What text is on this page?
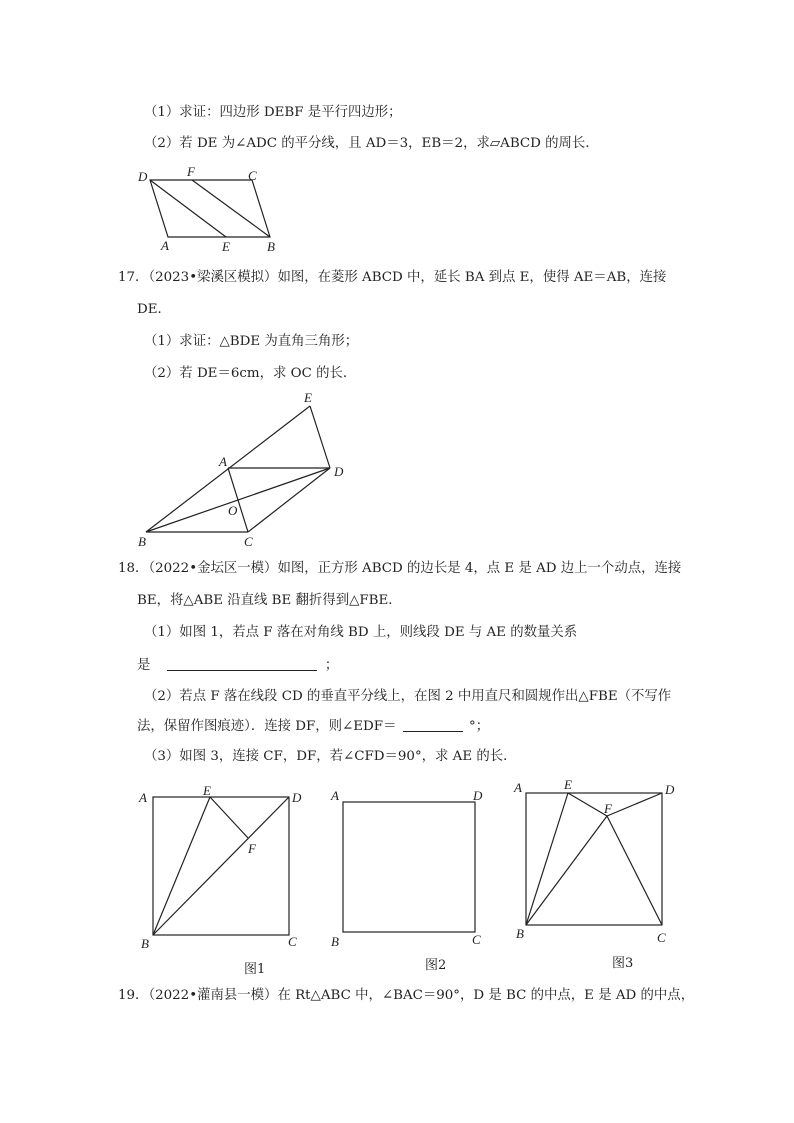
（1）求证：四边形 DEBF 是平行四边形；
（2）若 DE 为∠ADC 的平分线，且 AD＝3，EB＝2，求▱ABCD 的周长．
D	F	C
A	E	B
17．（2023•梁溪区模拟）如图，在菱形 ABCD 中，延长 BA 到点 E，使得 AE＝AB，连接
DE．
（1）求证：△BDE 为直角三角形；
（2）若 DE＝6cm，求 OC 的长．
E
A
D
O
B	C
18．（2022•金坛区一模）如图，正方形 ABCD 的边长是 4，点 E 是 AD 边上一个动点，连接
BE，将△ABE 沿直线 BE 翻折得到△FBE．
（1）如图 1，若点 F 落在对角线 BD 上，则线段 DE 与 AE 的数量关系
是	；
（2）若点 F 落在线段 CD 的垂直平分线上，在图 2 中用直尺和圆规作出△FBE（不写作
法，保留作图痕迹）．连接 DF，则∠EDF＝	°；
（3）如图 3，连接 CF，DF，若∠CFD＝90°，求 AE 的长．
A	E	D
F
B	C
图1
A	D
B	C
图2
A	E	D
F
B	C
图3
19．（2022•灌南县一模）在 Rt△ABC 中，∠BAC＝90°，D 是 BC 的中点，E 是 AD 的中点，
